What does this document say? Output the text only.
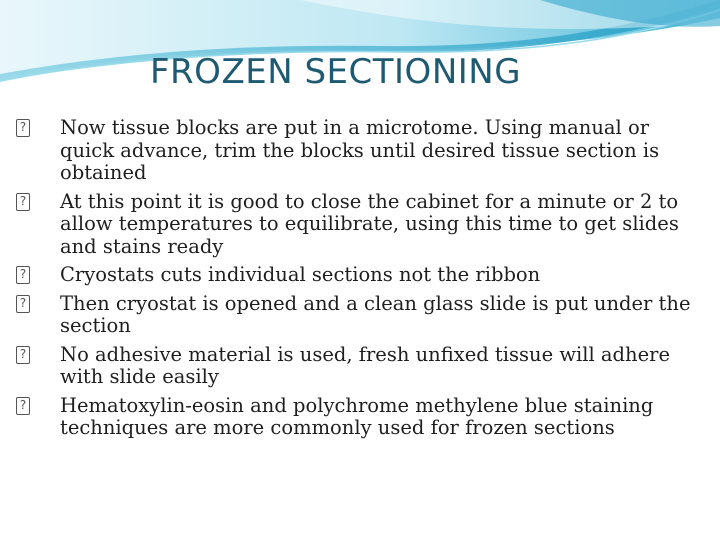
FROZEN SECTIONING
? Now tissue blocks are put in a microtome. Using manual or quick advance, trim the blocks until desired tissue section is obtained
? At this point it is good to close the cabinet for a minute or 2 to allow temperatures to equilibrate, using this time to get slides and stains ready
? Cryostats cuts individual sections not the ribbon
? Then cryostat is opened and a clean glass slide is put under the section
? No adhesive material is used, fresh unfixed tissue will adhere with slide easily
? Hematoxylin-eosin and polychrome methylene blue staining techniques are more commonly used for frozen sections
